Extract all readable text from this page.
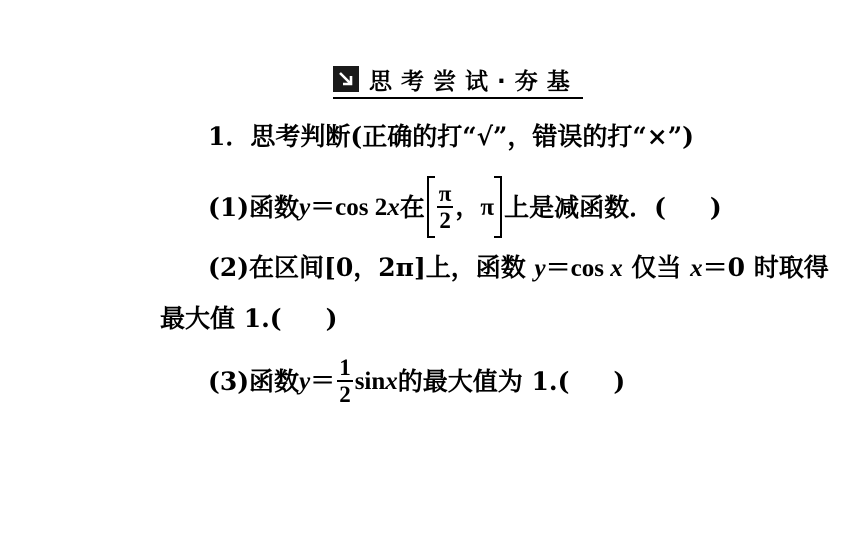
思考尝试·夯基
1．思考判断(正确的打“√”，错误的打“×”)
(1)函数 y ＝cos 2 x 在 $\frac{\pi}{2}$ ，π 上是减函数．( )
(2)在区间[0，2π]上，函数 y＝cos x 仅当 x＝0 时取得
最大值 1.( )
(3)函数 $y = \frac{1}{2}$ sin x 的最大值为 1.( )
